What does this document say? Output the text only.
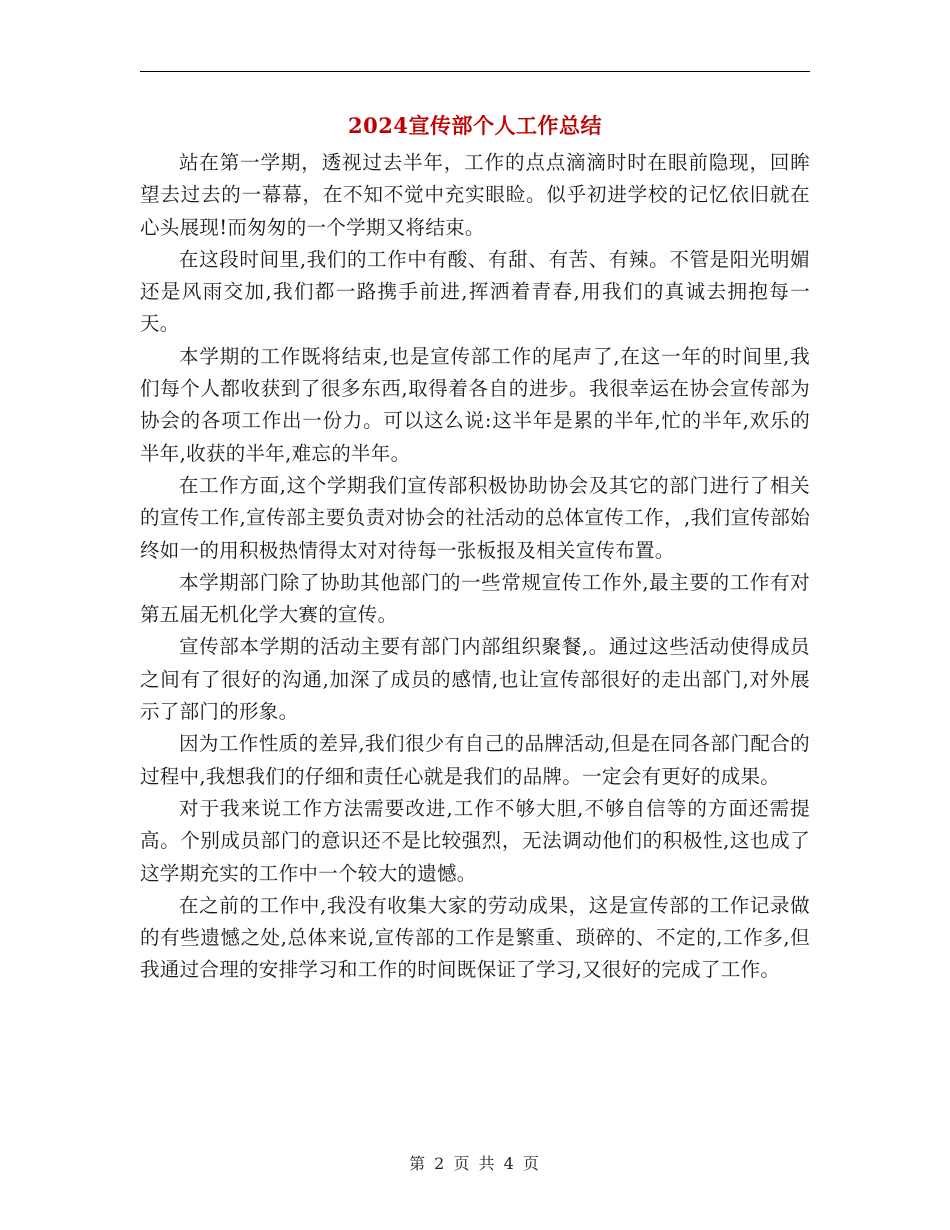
2024宣传部个人工作总结

站在第一学期，透视过去半年，工作的点点滴滴时时在眼前隐现，回眸望去过去的一幕幕，在不知不觉中充实眼睑。似乎初进学校的记忆依旧就在心头展现!而匆匆的一个学期又将结束。

在这段时间里,我们的工作中有酸、有甜、有苦、有辣。不管是阳光明媚还是风雨交加,我们都一路携手前进,挥洒着青春,用我们的真诚去拥抱每一天。

本学期的工作既将结束,也是宣传部工作的尾声了,在这一年的时间里,我们每个人都收获到了很多东西,取得着各自的进步。我很幸运在协会宣传部为协会的各项工作出一份力。可以这么说:这半年是累的半年,忙的半年,欢乐的半年,收获的半年,难忘的半年。

在工作方面,这个学期我们宣传部积极协助协会及其它的部门进行了相关的宣传工作,宣传部主要负责对协会的社活动的总体宣传工作，,我们宣传部始终如一的用积极热情得太对对待每一张板报及相关宣传布置。

本学期部门除了协助其他部门的一些常规宣传工作外,最主要的工作有对第五届无机化学大赛的宣传。

宣传部本学期的活动主要有部门内部组织聚餐,。通过这些活动使得成员之间有了很好的沟通,加深了成员的感情,也让宣传部很好的走出部门,对外展示了部门的形象。

因为工作性质的差异,我们很少有自己的品牌活动,但是在同各部门配合的过程中,我想我们的仔细和责任心就是我们的品牌。一定会有更好的成果。

对于我来说工作方法需要改进,工作不够大胆,不够自信等的方面还需提高。个别成员部门的意识还不是比较强烈，无法调动他们的积极性,这也成了这学期充实的工作中一个较大的遗憾。

在之前的工作中,我没有收集大家的劳动成果，这是宣传部的工作记录做的有些遗憾之处,总体来说,宣传部的工作是繁重、琐碎的、不定的,工作多,但我通过合理的安排学习和工作的时间既保证了学习,又很好的完成了工作。

第 2 页 共 4 页
